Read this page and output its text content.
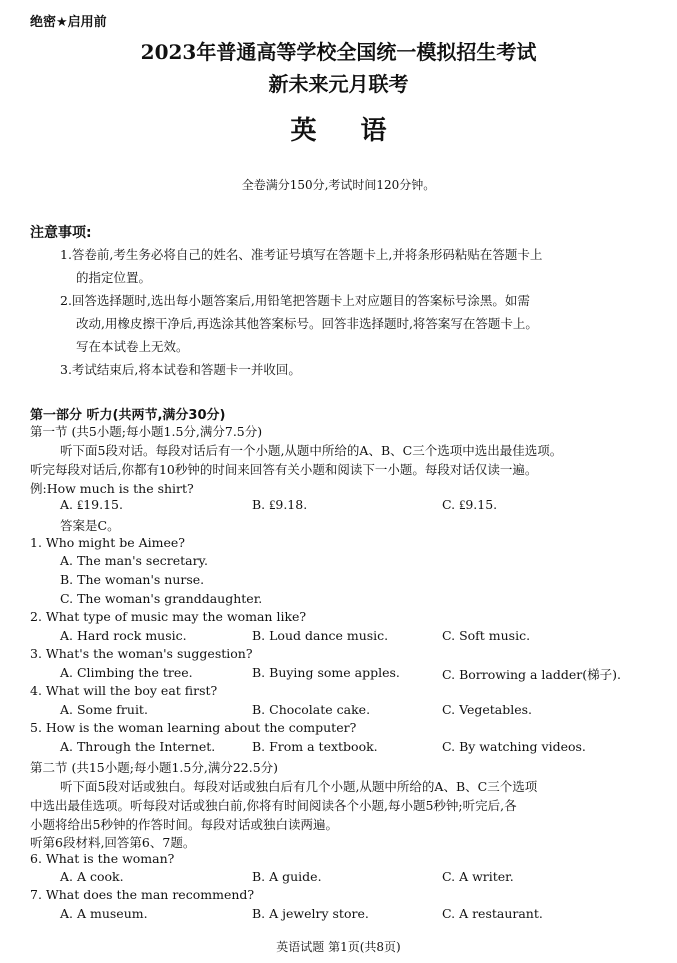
绝密★启用前
2023年普通高等学校全国统一模拟招生考试
新未来元月联考
英语
全卷满分150分,考试时间120分钟。
注意事项:
1.答卷前,考生务必将自己的姓名、准考证号填写在答题卡上,并将条形码粘贴在答题卡上
的指定位置。
2.回答选择题时,选出每小题答案后,用铅笔把答题卡上对应题目的答案标号涂黑。如需
改动,用橡皮擦干净后,再选涂其他答案标号。回答非选择题时,将答案写在答题卡上。
写在本试卷上无效。
3.考试结束后,将本试卷和答题卡一并收回。
第一部分 听力(共两节,满分30分)
第一节 (共5小题;每小题1.5分,满分7.5分)
听下面5段对话。每段对话后有一个小题,从题中所给的A、B、C三个选项中选出最佳选项。
听完每段对话后,你都有10秒钟的时间来回答有关小题和阅读下一小题。每段对话仅读一遍。
例:How much is the shirt?
A. ₤19.15.	B. ₤9.18.	C. ₤9.15.
答案是C。
1. Who might be Aimee?
A. The man's secretary.
B. The woman's nurse.
C. The woman's granddaughter.
2. What type of music may the woman like?
A. Hard rock music.	B. Loud dance music.	C. Soft music.
3. What's the woman's suggestion?
A. Climbing the tree.	B. Buying some apples.	C. Borrowing a ladder(梯子).
4. What will the boy eat first?
A. Some fruit.	B. Chocolate cake.	C. Vegetables.
5. How is the woman learning about the computer?
A. Through the Internet.	B. From a textbook.	C. By watching videos.
第二节 (共15小题;每小题1.5分,满分22.5分)
听下面5段对话或独白。每段对话或独白后有几个小题,从题中所给的A、B、C三个选项
中选出最佳选项。听每段对话或独白前,你将有时间阅读各个小题,每小题5秒钟;听完后,各
小题将给出5秒钟的作答时间。每段对话或独白读两遍。
听第6段材料,回答第6、7题。
6. What is the woman?
A. A cook.	B. A guide.	C. A writer.
7. What does the man recommend?
A. A museum.	B. A jewelry store.	C. A restaurant.
英语试题 第1页(共8页)
